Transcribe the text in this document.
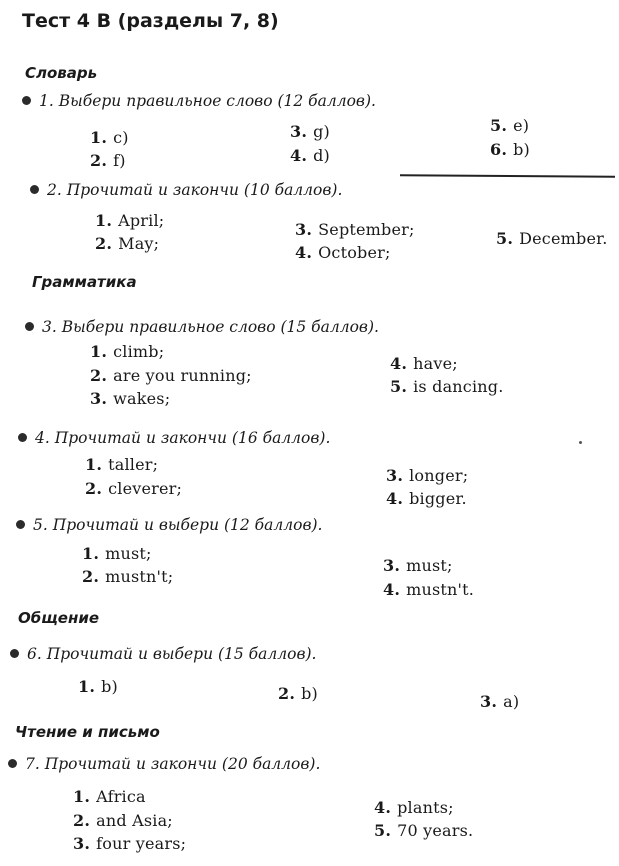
Тест 4 В (разделы 7, 8)
Словарь
1. Выбери правильное слово (12 баллов).
1. c)
2. f)
3. g)
4. d)
5. e)
6. b)
2. Прочитай и закончи (10 баллов).
1. April;
2. May;
3. September;
4. October;
5. December.
Грамматика
3. Выбери правильное слово (15 баллов).
1. climb;
2. are you running;
3. wakes;
4. have;
5. is dancing.
4. Прочитай и закончи (16 баллов).
1. taller;
2. cleverer;
3. longer;
4. bigger.
5. Прочитай и выбери (12 баллов).
1. must;
2. mustn't;
3. must;
4. mustn't.
Общение
6. Прочитай и выбери (15 баллов).
1. b)	2. b)	3. a)
Чтение и письмо
7. Прочитай и закончи (20 баллов).
1. Africa
2. and Asia;
3. four years;
4. plants;
5. 70 years.
